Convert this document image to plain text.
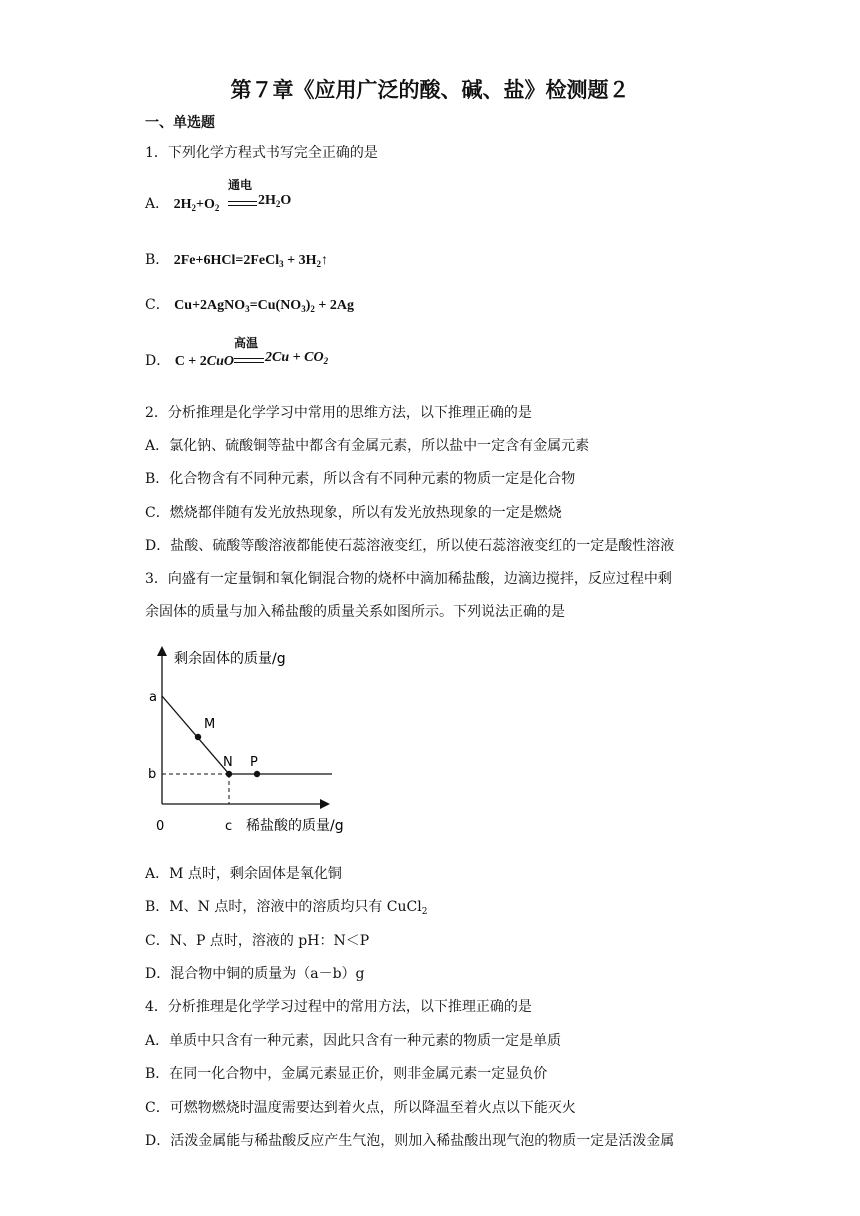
第７章《应用广泛的酸、碱、盐》检测题２
一、单选题
1．下列化学方程式书写完全正确的是
A． $2H_2+O_2$
通电
$2H_2O$
B． 2Fe+6HCl=2FeCl$_3$ + $3H_2↑$
C． $Cu+2AgNO_3=Cu(NO_3)_2 + 2Ag$
D． C + 2CuO
高温
$2Cu + CO_2$
2．分析推理是化学学习中常用的思维方法，以下推理正确的是
A．氯化钠、硫酸铜等盐中都含有金属元素，所以盐中一定含有金属元素
B．化合物含有不同种元素，所以含有不同种元素的物质一定是化合物
C．燃烧都伴随有发光放热现象，所以有发光放热现象的一定是燃烧
D．盐酸、硫酸等酸溶液都能使石蕊溶液变红，所以使石蕊溶液变红的一定是酸性溶液
3．向盛有一定量铜和氧化铜混合物的烧杯中滴加稀盐酸，边滴边搅拌，反应过程中剩
余固体的质量与加入稀盐酸的质量关系如图所示。下列说法正确的是
剩余固体的质量/g
稀盐酸的质量/g
0
a
b
c
M
N P
A．M 点时，剩余固体是氧化铜
B．M、N 点时，溶液中的溶质均只有 CuCl$_2$
C．N、P 点时，溶液的 pH：N＜P
D．混合物中铜的质量为（a－b）g
4．分析推理是化学学习过程中的常用方法，以下推理正确的是
A．单质中只含有一种元素，因此只含有一种元素的物质一定是单质
B．在同一化合物中，金属元素显正价，则非金属元素一定显负价
C．可燃物燃烧时温度需要达到着火点，所以降温至着火点以下能灭火
D．活泼金属能与稀盐酸反应产生气泡，则加入稀盐酸出现气泡的物质一定是活泼金属
